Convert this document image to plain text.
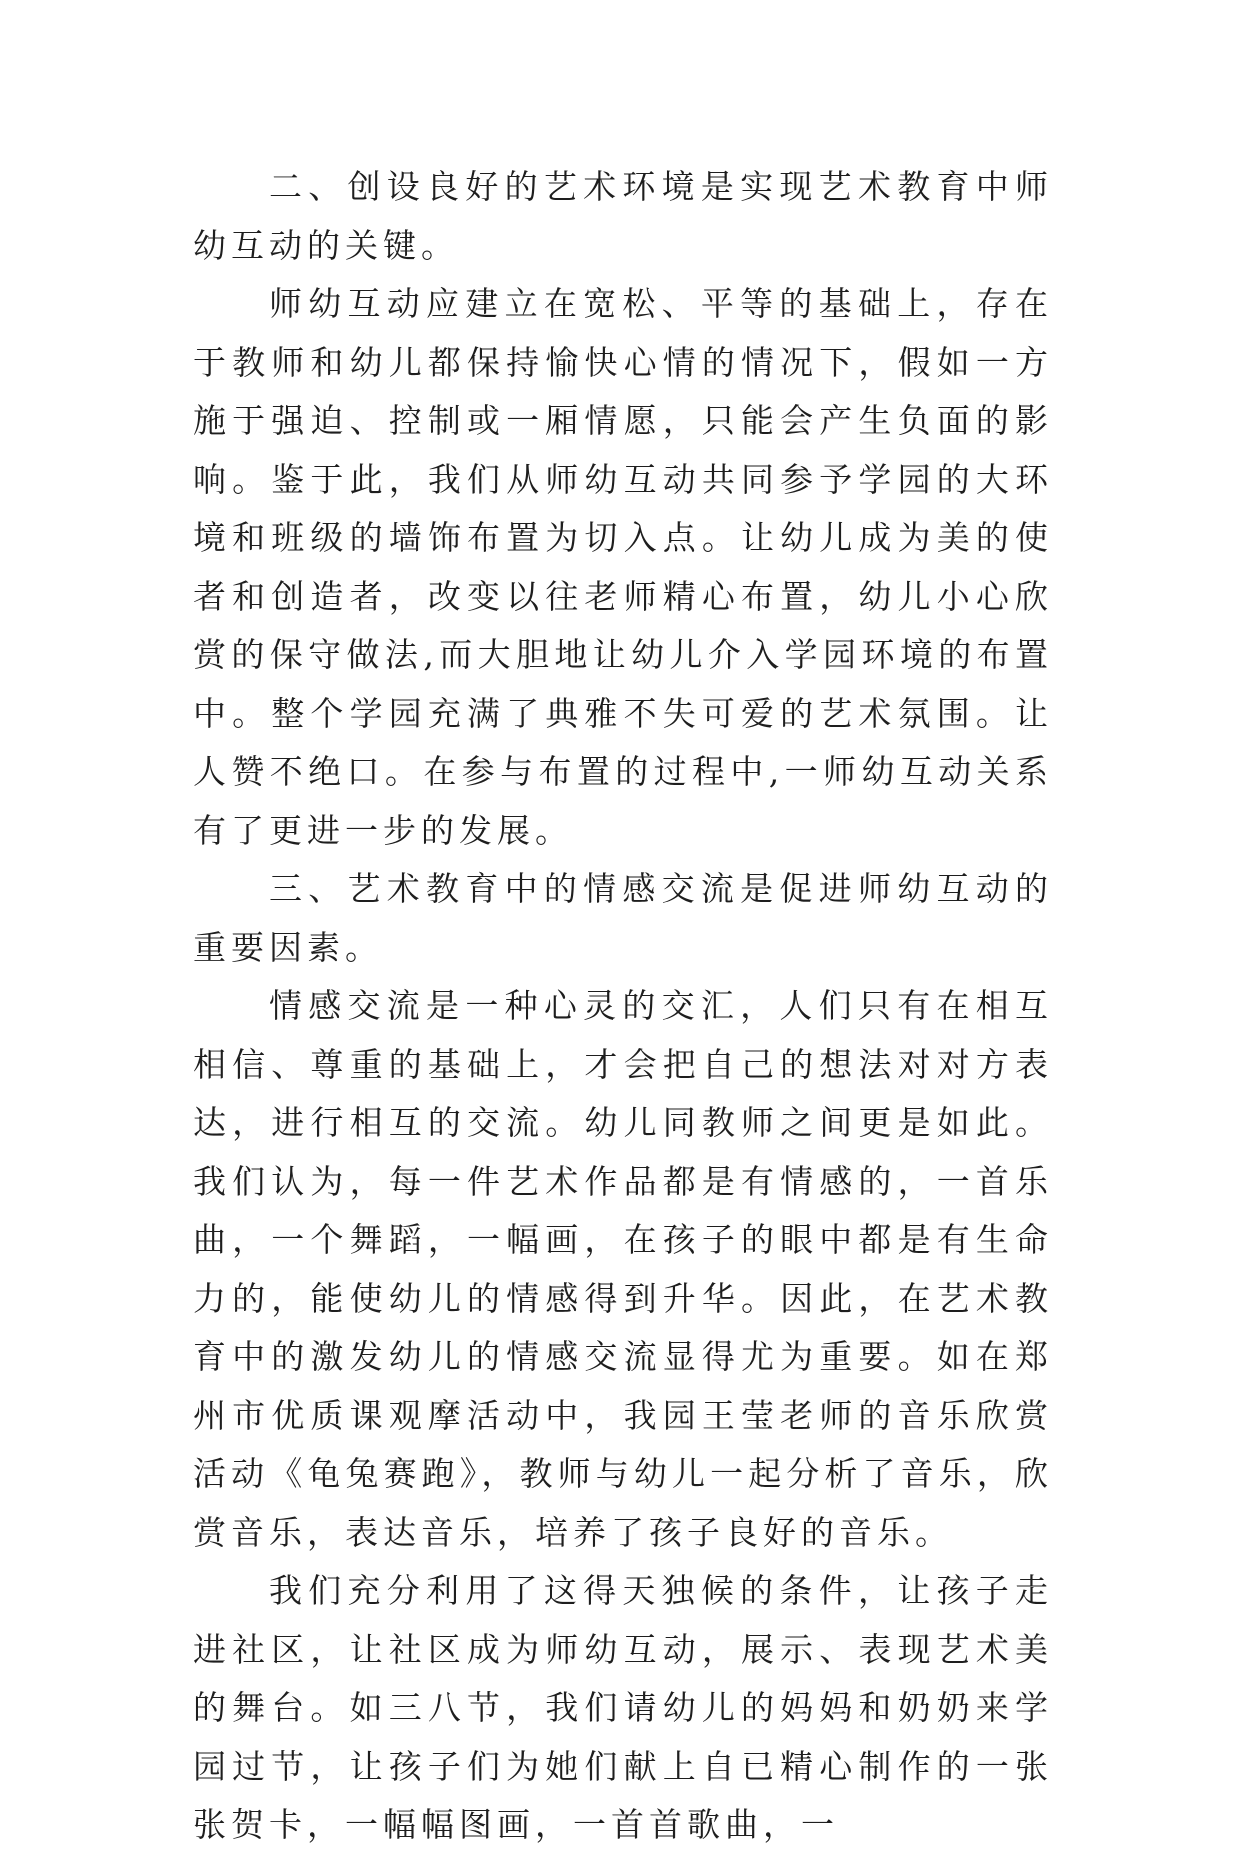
二、创设良好的艺术环境是实现艺术教育中师幼互动的关键。

师幼互动应建立在宽松、平等的基础上，存在于教师和幼儿都保持愉快心情的情况下，假如一方施于强迫、控制或一厢情愿，只能会产生负面的影响。鉴于此，我们从师幼互动共同参予学园的大环境和班级的墙饰布置为切入点。让幼儿成为美的使者和创造者，改变以往老师精心布置，幼儿小心欣赏的保守做法,而大胆地让幼儿介入学园环境的布置中。整个学园充满了典雅不失可爱的艺术氛围。让人赞不绝口。在参与布置的过程中,一师幼互动关系有了更进一步的发展。

三、艺术教育中的情感交流是促进师幼互动的重要因素。

情感交流是一种心灵的交汇，人们只有在相互相信、尊重的基础上，才会把自己的想法对对方表达，进行相互的交流。幼儿同教师之间更是如此。我们认为，每一件艺术作品都是有情感的，一首乐曲，一个舞蹈，一幅画，在孩子的眼中都是有生命力的，能使幼儿的情感得到升华。因此，在艺术教育中的激发幼儿的情感交流显得尤为重要。如在郑州市优质课观摩活动中，我园王莹老师的音乐欣赏活动《龟兔赛跑》，教师与幼儿一起分析了音乐，欣赏音乐，表达音乐，培养了孩子良好的音乐。

我们充分利用了这得天独候的条件，让孩子走进社区，让社区成为师幼互动，展示、表现艺术美的舞台。如三八节，我们请幼儿的妈妈和奶奶来学园过节，让孩子们为她们献上自已精心制作的一张张贺卡，一幅幅图画，一首首歌曲，一
